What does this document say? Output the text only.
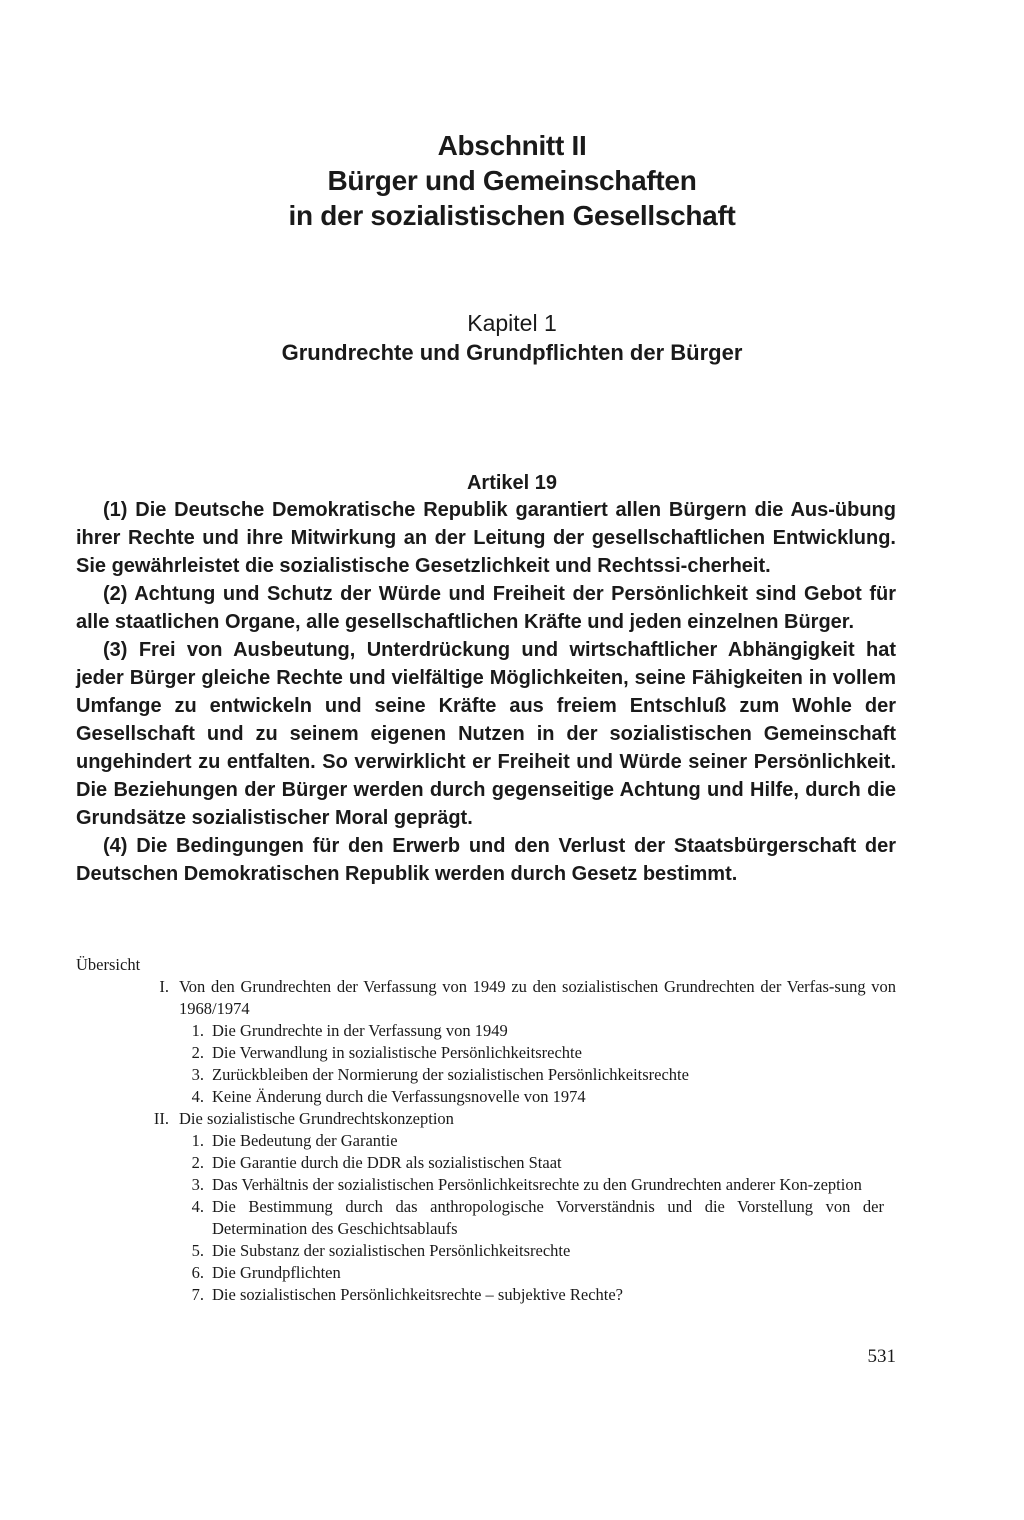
Abschnitt II
Bürger und Gemeinschaften
in der sozialistischen Gesellschaft
Kapitel 1
Grundrechte und Grundpflichten der Bürger
Artikel 19

(1) Die Deutsche Demokratische Republik garantiert allen Bürgern die Aus-übung ihrer Rechte und ihre Mitwirkung an der Leitung der gesellschaftlichen Entwicklung. Sie gewährleistet die sozialistische Gesetzlichkeit und Rechtssi-cherheit.

(2) Achtung und Schutz der Würde und Freiheit der Persönlichkeit sind Gebot für alle staatlichen Organe, alle gesellschaftlichen Kräfte und jeden einzelnen Bürger.

(3) Frei von Ausbeutung, Unterdrückung und wirtschaftlicher Abhängigkeit hat jeder Bürger gleiche Rechte und vielfältige Möglichkeiten, seine Fähigkeiten in vollem Umfange zu entwickeln und seine Kräfte aus freiem Entschluß zum Wohle der Gesellschaft und zu seinem eigenen Nutzen in der sozialistischen Gemeinschaft ungehindert zu entfalten. So verwirklicht er Freiheit und Würde seiner Persönlichkeit. Die Beziehungen der Bürger werden durch gegenseitige Achtung und Hilfe, durch die Grundsätze sozialistischer Moral geprägt.

(4) Die Bedingungen für den Erwerb und den Verlust der Staatsbürgerschaft der Deutschen Demokratischen Republik werden durch Gesetz bestimmt.

Übersicht
I. Von den Grundrechten der Verfassung von 1949 zu den sozialistischen Grundrechten der Verfas-sung von 1968/1974
1. Die Grundrechte in der Verfassung von 1949
2. Die Verwandlung in sozialistische Persönlichkeitsrechte
3. Zurückbleiben der Normierung der sozialistischen Persönlichkeitsrechte
4. Keine Änderung durch die Verfassungsnovelle von 1974
II. Die sozialistische Grundrechtskonzeption
1. Die Bedeutung der Garantie
2. Die Garantie durch die DDR als sozialistischen Staat
3. Das Verhältnis der sozialistischen Persönlichkeitsrechte zu den Grundrechten anderer Kon-zeption
4. Die Bestimmung durch das anthropologische Vorverständnis und die Vorstellung von der Determination des Geschichtsablaufs
5. Die Substanz der sozialistischen Persönlichkeitsrechte
6. Die Grundpflichten
7. Die sozialistischen Persönlichkeitsrechte – subjektive Rechte?
531
